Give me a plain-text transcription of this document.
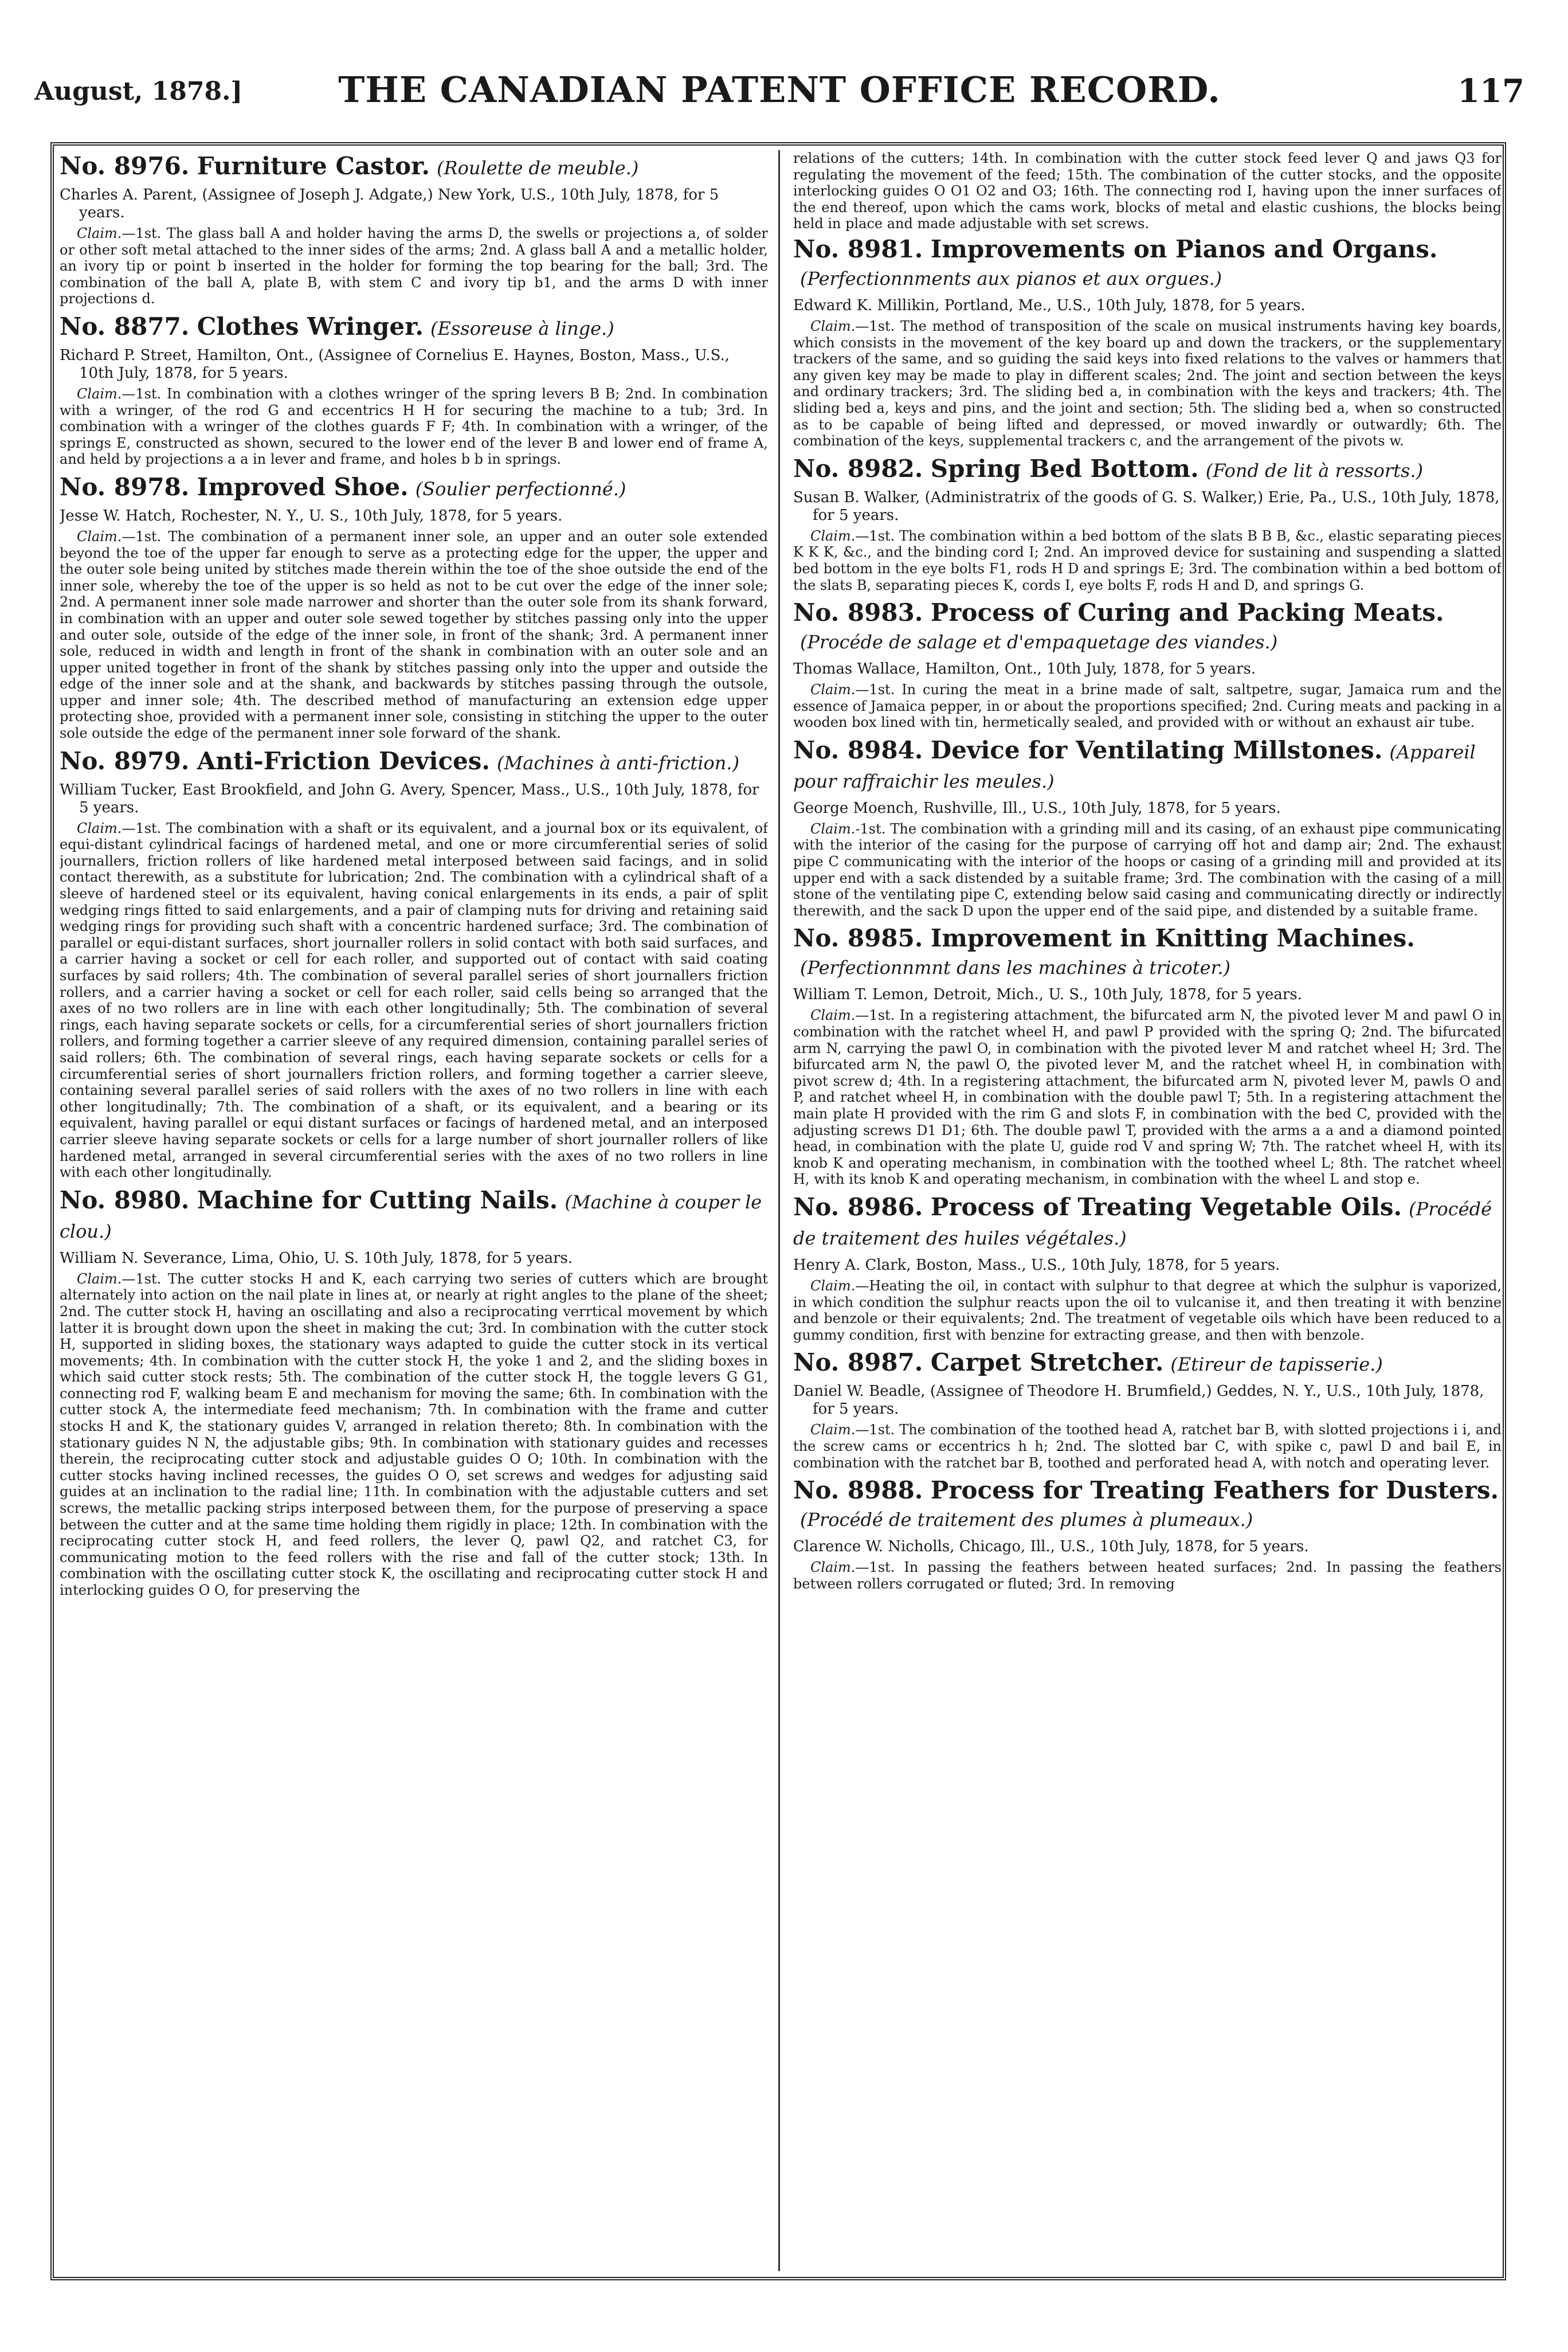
August, 1878.]	THE CANADIAN PATENT OFFICE RECORD.	117
No. 8976. Furniture Castor. (Roulette de meuble.)
Charles A. Parent, (Assignee of Joseph J. Adgate,) New York, U.S., 10th July, 1878, for 5 years.

Claim.—1st. The glass ball A and holder having the arms D, the swells or projections a, of solder or other soft metal attached to the inner sides of the arms; 2nd. A glass ball A and a metallic holder, an ivory tip or point b inserted in the holder for forming the top bearing for the ball; 3rd. The combination of the ball A, plate B, with stem C and ivory tip b1, and the arms D with inner projections d.

No. 8877. Clothes Wringer. (Essoreuse à linge.)
Richard P. Street, Hamilton, Ont., (Assignee of Cornelius E. Haynes, Boston, Mass., U.S., 10th July, 1878, for 5 years.

Claim.—1st. In combination with a clothes wringer of the spring levers B B; 2nd. In combination with a wringer, of the rod G and eccentrics H H for securing the machine to a tub; 3rd. In combination with a wringer of the clothes guards F F; 4th. In combination with a wringer, of the springs E, constructed as shown, secured to the lower end of the lever B and lower end of frame A, and held by projections a a in lever and frame, and holes b b in springs.

No. 8978. Improved Shoe. (Soulier perfectionné.)
Jesse W. Hatch, Rochester, N. Y., U. S., 10th July, 1878, for 5 years.

Claim.—1st. The combination of a permanent inner sole, an upper and an outer sole extended beyond the toe of the upper far enough to serve as a protecting edge for the upper, the upper and the outer sole being united by stitches made therein within the toe of the shoe outside the end of the inner sole, whereby the toe of the upper is so held as not to be cut over the edge of the inner sole; 2nd. A permanent inner sole made narrower and shorter than the outer sole from its shank forward, in combination with an upper and outer sole sewed together by stitches passing only into the upper and outer sole, outside of the edge of the inner sole, in front of the shank; 3rd. A permanent inner sole, reduced in width and length in front of the shank in combination with an outer sole and an upper united together in front of the shank by stitches passing only into the upper and outside the edge of the inner sole and at the shank, and backwards by stitches passing through the outsole, upper and inner sole; 4th. The described method of manufacturing an extension edge upper protecting shoe, provided with a permanent inner sole, consisting in stitching the upper to the outer sole outside the edge of the permanent inner sole forward of the shank.

No. 8979. Anti-Friction Devices. (Machines à anti-friction.)
William Tucker, East Brookfield, and John G. Avery, Spencer, Mass., U.S., 10th July, 1878, for 5 years.

Claim.—1st. The combination with a shaft or its equivalent, and a journal box or its equivalent, of equi-distant cylindrical facings of hardened metal, and one or more circumferential series of solid journallers, friction rollers of like hardened metal interposed between said facings, and in solid contact therewith, as a substitute for lubrication; 2nd. The combination with a cylindrical shaft of a sleeve of hardened steel or its equivalent, having conical enlargements in its ends, a pair of split wedging rings fitted to said enlargements, and a pair of clamping nuts for driving and retaining said wedging rings for providing such shaft with a concentric hardened surface; 3rd. The combination of parallel or equi-distant surfaces, short journaller rollers in solid contact with both said surfaces, and a carrier having a socket or cell for each roller, and supported out of contact with said coating surfaces by said rollers; 4th. The combination of several parallel series of short journallers friction rollers, and a carrier having a socket or cell for each roller, said cells being so arranged that the axes of no two rollers are in line with each other longitudinally; 5th. The combination of several rings, each having separate sockets or cells, for a circumferential series of short journallers friction rollers, and forming together a carrier sleeve of any required dimension, containing parallel series of said rollers; 6th. The combination of several rings, each having separate sockets or cells for a circumferential series of short journallers friction rollers, and forming together a carrier sleeve, containing several parallel series of said rollers with the axes of no two rollers in line with each other longitudinally; 7th. The combination of a shaft, or its equivalent, and a bearing or its equivalent, having parallel or equi distant surfaces or facings of hardened metal, and an interposed carrier sleeve having separate sockets or cells for a large number of short journaller rollers of like hardened metal, arranged in several circumferential series with the axes of no two rollers in line with each other longitudinally.

No. 8980. Machine for Cutting Nails. (Machine à couper le clou.)
William N. Severance, Lima, Ohio, U. S. 10th July, 1878, for 5 years.

Claim.—1st. The cutter stocks H and K, each carrying two series of cutters which are brought alternately into action on the nail plate in lines at, or nearly at right angles to the plane of the sheet; 2nd. The cutter stock H, having an oscillating and also a reciprocating verrtical movement by which latter it is brought down upon the sheet in making the cut; 3rd. In combination with the cutter stock H, supported in sliding boxes, the stationary ways adapted to guide the cutter stock in its vertical movements; 4th. In combination with the cutter stock H, the yoke 1 and 2, and the sliding boxes in which said cutter stock rests; 5th. The combination of the cutter stock H, the toggle levers G G1, connecting rod F, walking beam E and mechanism for moving the same; 6th. In combination with the cutter stock A, the intermediate feed mechanism; 7th. In combination with the frame and cutter stocks H and K, the stationary guides V, arranged in relation thereto; 8th. In combination with the stationary guides N N, the adjustable gibs; 9th. In combination with stationary guides and recesses therein, the reciprocating cutter stock and adjustable guides O O; 10th. In combination with the cutter stocks having inclined recesses, the guides O O, set screws and wedges for adjusting said guides at an inclination to the radial line; 11th. In combination with the adjustable cutters and set screws, the metallic packing strips interposed between them, for the purpose of preserving a space between the cutter and at the same time holding them rigidly in place; 12th. In combination with the reciprocating cutter stock H, and feed rollers, the lever Q, pawl Q2, and ratchet C3, for communicating motion to the feed rollers with the rise and fall of the cutter stock; 13th. In combination with the oscillating cutter stock K, the oscillating and reciprocating cutter stock H and interlocking guides O O, for preserving the

relations of the cutters; 14th. In combination with the cutter stock feed lever Q and jaws Q3 for regulating the movement of the feed; 15th. The combination of the cutter stocks, and the opposite interlocking guides O O1 O2 and O3; 16th. The connecting rod I, having upon the inner surfaces of the end thereof, upon which the cams work, blocks of metal and elastic cushions, the blocks being held in place and made adjustable with set screws.

No. 8981. Improvements on Pianos and Organs.(Perfectionnments aux pianos et aux orgues.)
Edward K. Millikin, Portland, Me., U.S., 10th July, 1878, for 5 years.

Claim.—1st. The method of transposition of the scale on musical instruments having key boards, which consists in the movement of the key board up and down the trackers, or the supplementary trackers of the same, and so guiding the said keys into fixed relations to the valves or hammers that any given key may be made to play in different scales; 2nd. The joint and section between the keys and ordinary trackers; 3rd. The sliding bed a, in combination with the keys and trackers; 4th. The sliding bed a, keys and pins, and the joint and section; 5th. The sliding bed a, when so constructed as to be capable of being lifted and depressed, or moved inwardly or outwardly; 6th. The combination of the keys, supplemental trackers c, and the arrangement of the pivots w.

No. 8982. Spring Bed Bottom. (Fond de lit à ressorts.)
Susan B. Walker, (Administratrix of the goods of G. S. Walker,) Erie, Pa., U.S., 10th July, 1878, for 5 years.

Claim.—1st. The combination within a bed bottom of the slats B B B, &c., elastic separating pieces K K K, &c., and the binding cord I; 2nd. An improved device for sustaining and suspending a slatted bed bottom in the eye bolts F1, rods H D and springs E; 3rd. The combination within a bed bottom of the slats B, separating pieces K, cords I, eye bolts F, rods H and D, and springs G.

No. 8983. Process of Curing and Packing Meats.(Procéde de salage et d'empaquetage des viandes.)
Thomas Wallace, Hamilton, Ont., 10th July, 1878, for 5 years.

Claim.—1st. In curing the meat in a brine made of salt, saltpetre, sugar, Jamaica rum and the essence of Jamaica pepper, in or about the proportions specified; 2nd. Curing meats and packing in a wooden box lined with tin, hermetically sealed, and provided with or without an exhaust air tube.

No. 8984. Device for Ventilating Millstones. (Appareil pour raffraichir les meules.)
George Moench, Rushville, Ill., U.S., 10th July, 1878, for 5 years.

Claim.-1st. The combination with a grinding mill and its casing, of an exhaust pipe communicating with the interior of the casing for the purpose of carrying off hot and damp air; 2nd. The exhaust pipe C communicating with the interior of the hoops or casing of a grinding mill and provided at its upper end with a sack distended by a suitable frame; 3rd. The combination with the casing of a mill stone of the ventilating pipe C, extending below said casing and communicating directly or indirectly therewith, and the sack D upon the upper end of the said pipe, and distended by a suitable frame.

No. 8985. Improvement in Knitting Machines.(Perfectionnmnt dans les machines à tricoter.)
William T. Lemon, Detroit, Mich., U. S., 10th July, 1878, for 5 years.

Claim.—1st. In a registering attachment, the bifurcated arm N, the pivoted lever M and pawl O in combination with the ratchet wheel H, and pawl P provided with the spring Q; 2nd. The bifurcated arm N, carrying the pawl O, in combination with the pivoted lever M and ratchet wheel H; 3rd. The bifurcated arm N, the pawl O, the pivoted lever M, and the ratchet wheel H, in combination with pivot screw d; 4th. In a registering attachment, the bifurcated arm N, pivoted lever M, pawls O and P, and ratchet wheel H, in combination with the double pawl T; 5th. In a registering attachment the main plate H provided with the rim G and slots F, in combination with the bed C, provided with the adjusting screws D1 D1; 6th. The double pawl T, provided with the arms a a and a diamond pointed head, in combination with the plate U, guide rod V and spring W; 7th. The ratchet wheel H, with its knob K and operating mechanism, in combination with the toothed wheel L; 8th. The ratchet wheel H, with its knob K and operating mechanism, in combination with the wheel L and stop e.

No. 8986. Process of Treating Vegetable Oils. (Procédé de traitement des huiles végétales.)
Henry A. Clark, Boston, Mass., U.S., 10th July, 1878, for 5 years.

Claim.—Heating the oil, in contact with sulphur to that degree at which the sulphur is vaporized, in which condition the sulphur reacts upon the oil to vulcanise it, and then treating it with benzine and benzole or their equivalents; 2nd. The treatment of vegetable oils which have been reduced to a gummy condition, first with benzine for extracting grease, and then with benzole.

No. 8987. Carpet Stretcher. (Etireur de tapisserie.)
Daniel W. Beadle, (Assignee of Theodore H. Brumfield,) Geddes, N. Y., U.S., 10th July, 1878, for 5 years.

Claim.—1st. The combination of the toothed head A, ratchet bar B, with slotted projections i i, and the screw cams or eccentrics h h; 2nd. The slotted bar C, with spike c, pawl D and bail E, in combination with the ratchet bar B, toothed and perforated head A, with notch and operating lever.

No. 8988. Process for Treating Feathers for Dusters.(Procédé de traitement des plumes à plumeaux.)
Clarence W. Nicholls, Chicago, Ill., U.S., 10th July, 1878, for 5 years.

Claim.—1st. In passing the feathers between heated surfaces; 2nd. In passing the feathers between rollers corrugated or fluted; 3rd. In removing
